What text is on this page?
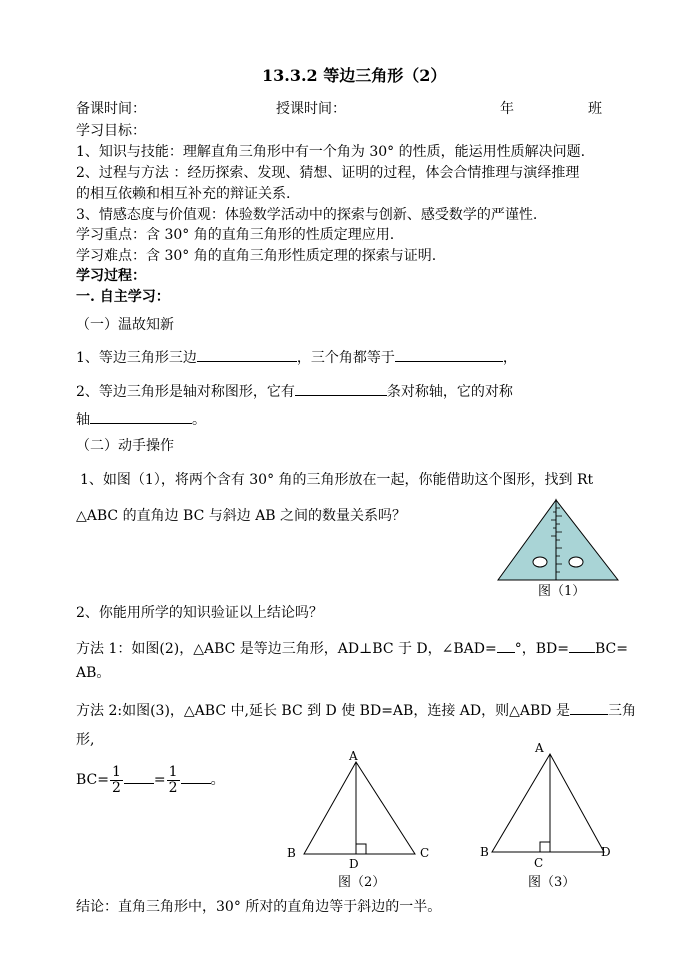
13.3.2 等边三角形（2）
备课时间：	授课时间：	年	班
学习目标：
1、知识与技能：理解直角三角形中有一个角为 30° 的性质，能运用性质解决问题.
2、过程与方法 ：经历探索、发现、猜想、证明的过程，体会合情推理与演绎推理
的相互依赖和相互补充的辩证关系.
3、情感态度与价值观：体验数学活动中的探索与创新、感受数学的严谨性.
学习重点：含 30° 角的直角三角形的性质定理应用.
学习难点：含 30° 角的直角三角形性质定理的探索与证明.
学习过程：
一. 自主学习：
（一）温故知新
1、等边三角形三边	，三个角都等于	，
2、等边三角形是轴对称图形，它有	条对称轴，它的对称
轴	。
（二）动手操作
1、如图（1），将两个含有 30° 角的三角形放在一起，你能借助这个图形，找到 Rt
△ABC 的直角边 BC 与斜边 AB 之间的数量关系吗？
图（1）
2、你能用所学的知识验证以上结论吗？
方法 1：如图(2)，△ABC 是等边三角形，AD⊥BC 于 D，∠BAD= °，BD= BC=
AB。
方法 2:如图(3)，△ABC 中,延长 BC 到 D 使 BD=AB，连接 AD，则△ABD 是	三角
形,
$BC= \frac{1}{2} = \frac{1}{2}$ 。
A
B	C
D
图（2）
A
B
C
D
图（3）
结论：直角三角形中，30° 所对的直角边等于斜边的一半。
